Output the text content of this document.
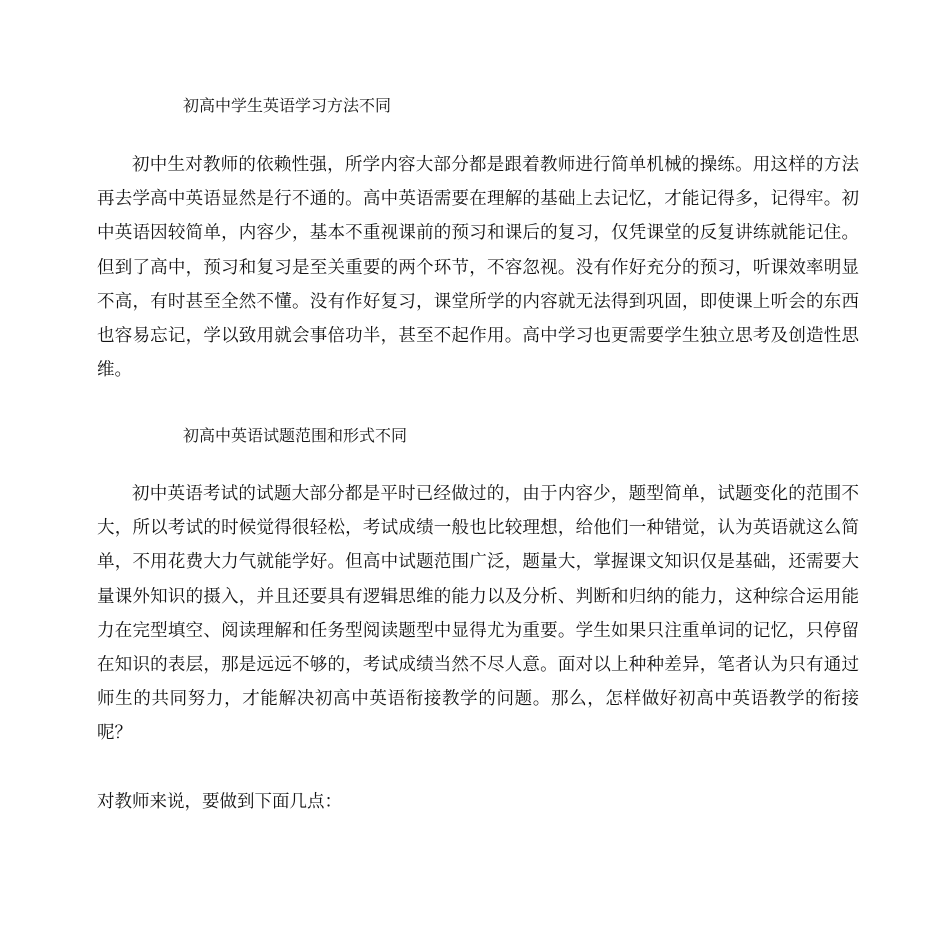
初高中学生英语学习方法不同

初中生对教师的依赖性强，所学内容大部分都是跟着教师进行简单机械的操练。用这样的方法再去学高中英语显然是行不通的。高中英语需要在理解的基础上去记忆，才能记得多，记得牢。初中英语因较简单，内容少，基本不重视课前的预习和课后的复习，仅凭课堂的反复讲练就能记住。但到了高中，预习和复习是至关重要的两个环节，不容忽视。没有作好充分的预习，听课效率明显不高，有时甚至全然不懂。没有作好复习，课堂所学的内容就无法得到巩固，即使课上听会的东西也容易忘记，学以致用就会事倍功半，甚至不起作用。高中学习也更需要学生独立思考及创造性思维。

初高中英语试题范围和形式不同

初中英语考试的试题大部分都是平时已经做过的，由于内容少，题型简单，试题变化的范围不大，所以考试的时候觉得很轻松，考试成绩一般也比较理想，给他们一种错觉，认为英语就这么简单，不用花费大力气就能学好。但高中试题范围广泛，题量大，掌握课文知识仅是基础，还需要大量课外知识的摄入，并且还要具有逻辑思维的能力以及分析、判断和归纳的能力，这种综合运用能力在完型填空、阅读理解和任务型阅读题型中显得尤为重要。学生如果只注重单词的记忆，只停留在知识的表层，那是远远不够的，考试成绩当然不尽人意。面对以上种种差异，笔者认为只有通过师生的共同努力，才能解决初高中英语衔接教学的问题。那么，怎样做好初高中英语教学的衔接呢？

对教师来说，要做到下面几点：
